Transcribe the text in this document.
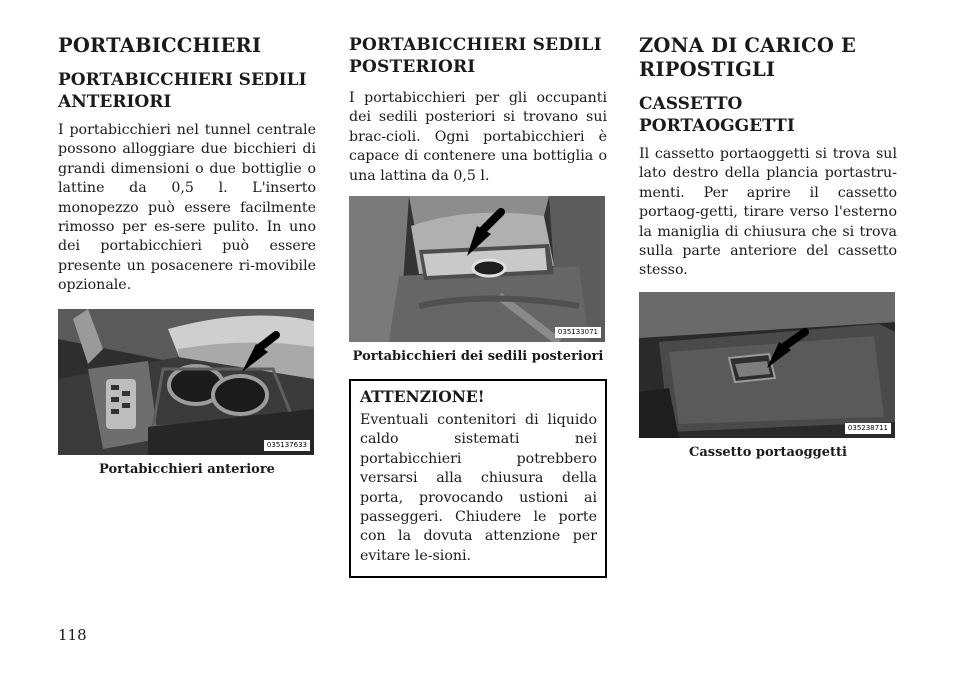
PORTABICCHIERI
PORTABICCHIERI SEDILI ANTERIORI

I portabicchieri nel tunnel centrale possono alloggiare due bicchieri di grandi dimensioni o due bottiglie o lattine da 0,5 l. L'inserto monopezzo può essere facilmente rimosso per es-sere pulito. In uno dei portabicchieri può essere presente un posacenere ri-movibile opzionale.

035137633
Portabicchieri anteriore
PORTABICCHIERI SEDILI POSTERIORI

I portabicchieri per gli occupanti dei sedili posteriori si trovano sui brac-cioli. Ogni portabicchieri è capace di contenere una bottiglia o una lattina da 0,5 l.

035133071
Portabicchieri dei sedili posteriori
ATTENZIONE!

Eventuali contenitori di liquido caldo sistemati nei portabicchieri potrebbero versarsi alla chiusura della porta, provocando ustioni ai passeggeri. Chiudere le porte con la dovuta attenzione per evitare le-sioni.

ZONA DI CARICO E RIPOSTIGLI
CASSETTO PORTAOGGETTI

Il cassetto portaoggetti si trova sul lato destro della plancia portastru-menti. Per aprire il cassetto portaog-getti, tirare verso l'esterno la maniglia di chiusura che si trova sulla parte anteriore del cassetto stesso.

035238711
Cassetto portaoggetti
118
